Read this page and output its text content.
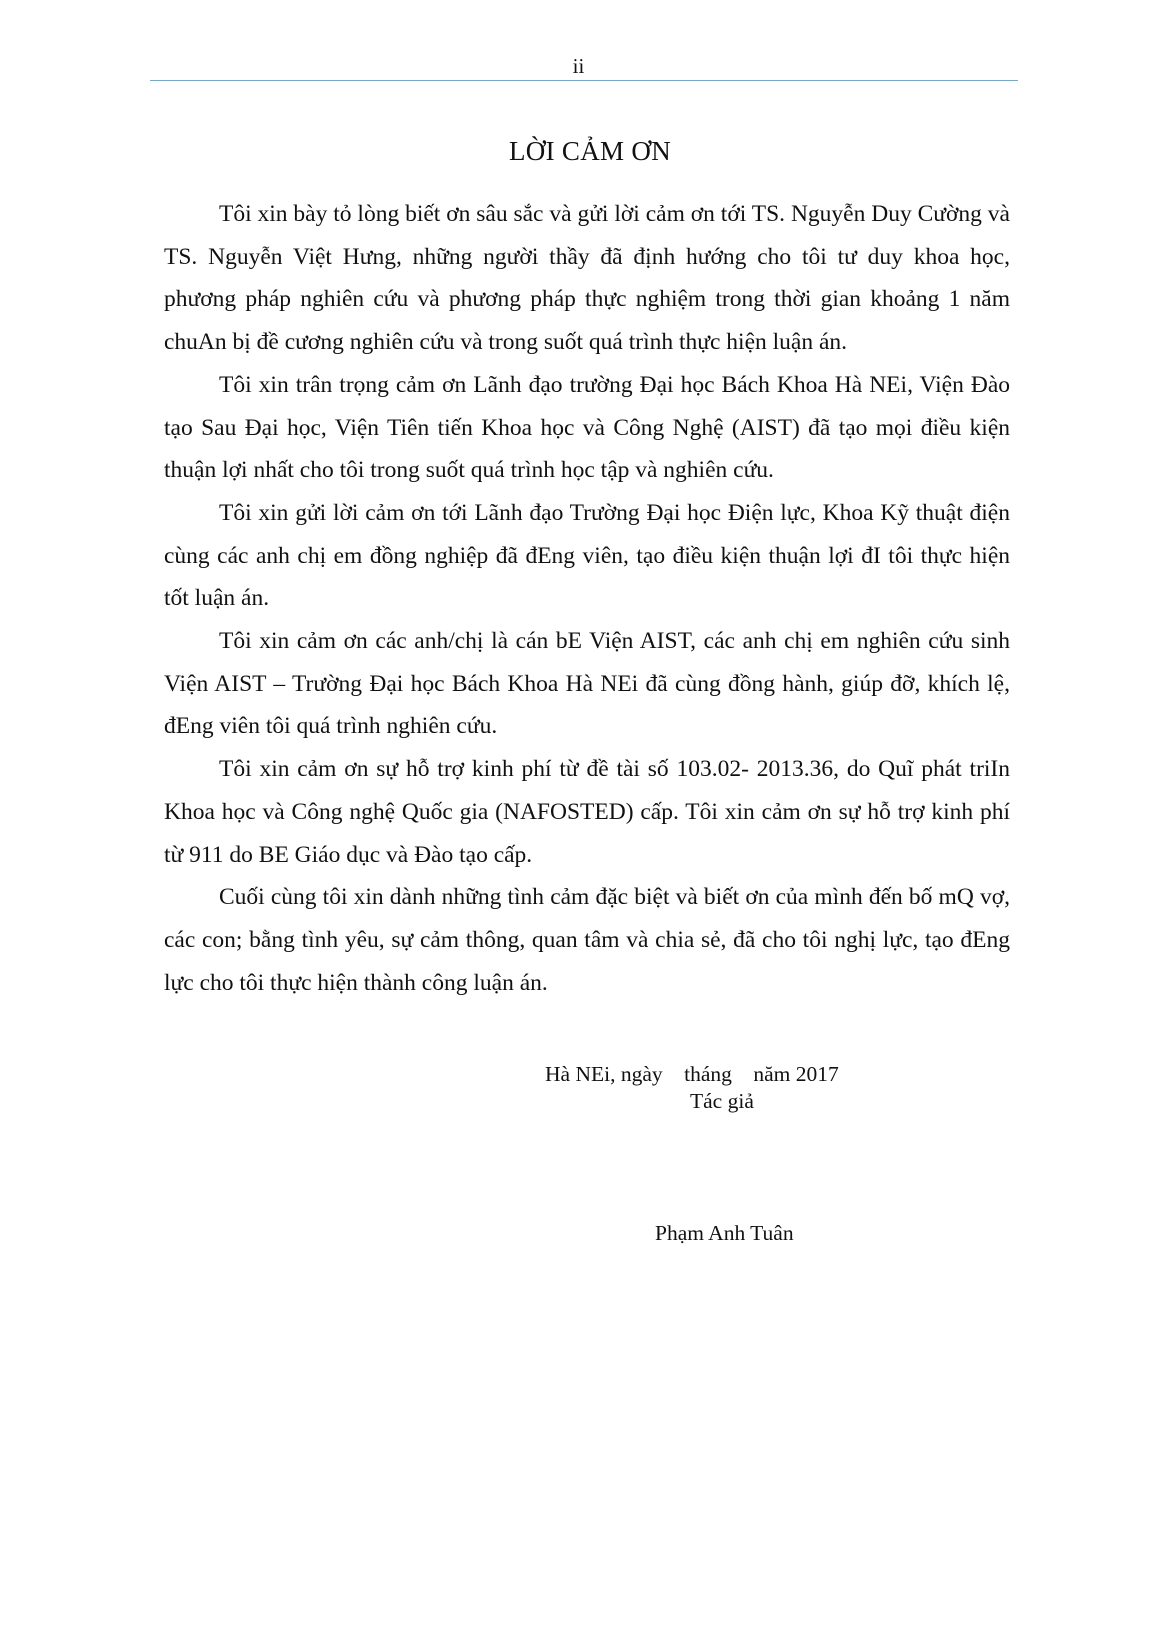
ii
LỜI CẢM ƠN

Tôi xin bày tỏ lòng biết ơn sâu sắc và gửi lời cảm ơn tới TS. Nguyễn Duy Cường và TS. Nguyễn Việt Hưng, những người thầy đã định hướng cho tôi tư duy khoa học, phương pháp nghiên cứu và phương pháp thực nghiệm trong thời gian khoảng 1 năm chuAn bị đề cương nghiên cứu và trong suốt quá trình thực hiện luận án.

Tôi xin trân trọng cảm ơn Lãnh đạo trường Đại học Bách Khoa Hà NEi, Viện Đào tạo Sau Đại học, Viện Tiên tiến Khoa học và Công Nghệ (AIST) đã tạo mọi điều kiện thuận lợi nhất cho tôi trong suốt quá trình học tập và nghiên cứu.

Tôi xin gửi lời cảm ơn tới Lãnh đạo Trường Đại học Điện lực, Khoa Kỹ thuật điện cùng các anh chị em đồng nghiệp đã đEng viên, tạo điều kiện thuận lợi đI tôi thực hiện tốt luận án.

Tôi xin cảm ơn các anh/chị là cán bE Viện AIST, các anh chị em nghiên cứu sinh Viện AIST – Trường Đại học Bách Khoa Hà NEi đã cùng đồng hành, giúp đỡ, khích lệ, đEng viên tôi quá trình nghiên cứu.

Tôi xin cảm ơn sự hỗ trợ kinh phí từ đề tài số 103.02- 2013.36, do Quĩ phát triIn Khoa học và Công nghệ Quốc gia (NAFOSTED) cấp. Tôi xin cảm ơn sự hỗ trợ kinh phí từ 911 do BE Giáo dục và Đào tạo cấp.

Cuối cùng tôi xin dành những tình cảm đặc biệt và biết ơn của mình đến bố mQ vợ, các con; bằng tình yêu, sự cảm thông, quan tâm và chia sẻ, đã cho tôi nghị lực, tạo đEng lực cho tôi thực hiện thành công luận án.

Hà NEi, ngày    tháng    năm 2017
Tác giả
Phạm Anh Tuân
